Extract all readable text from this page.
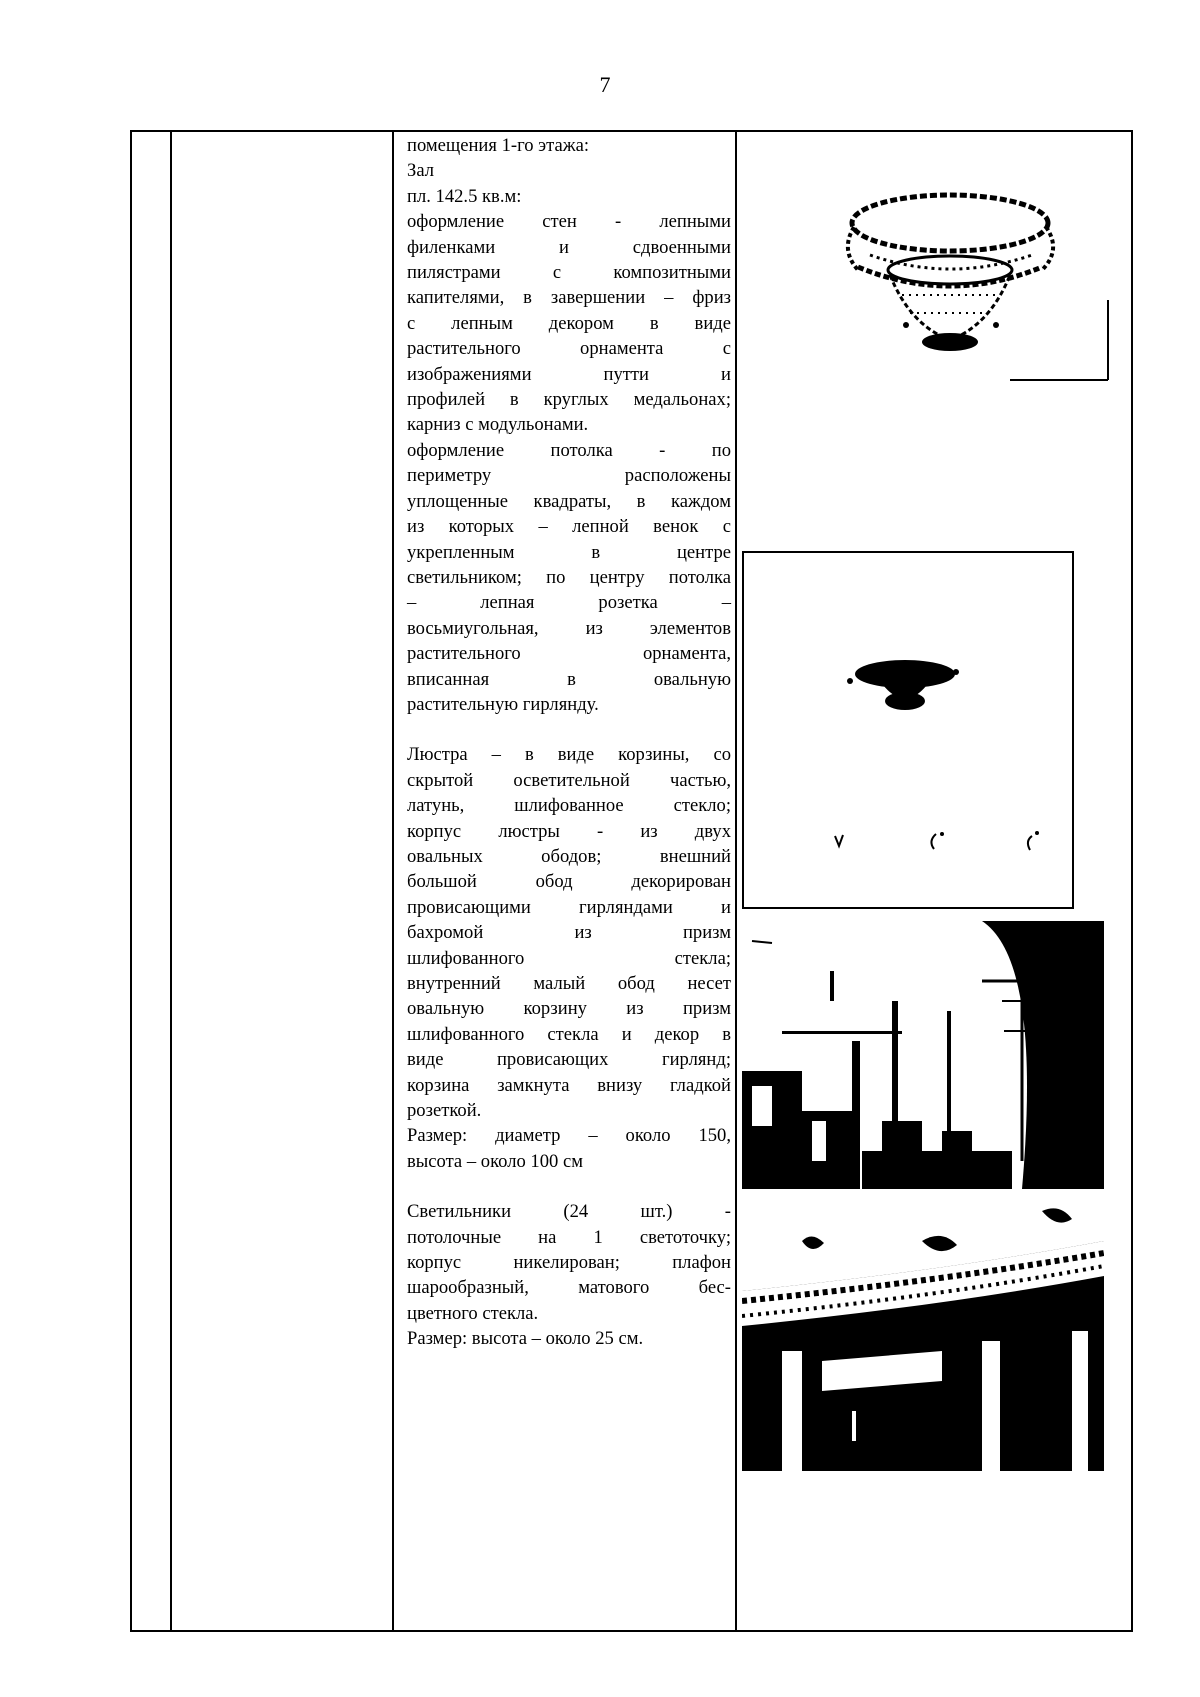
7

помещения 1-го этажа:

Зал

пл. 142.5 кв.м:

оформление стен - лепными

филенками и сдвоенными

пилястрами с композитными

капителями, в завершении – фриз

с лепным декором в виде

растительного орнамента с

изображениями путти и

профилей в круглых медальонах;

карниз с модульонами.

оформление потолка - по

периметру расположены

уплощенные квадраты, в каждом

из которых – лепной венок с

укрепленным в центре

светильником; по центру потолка

– лепная розетка –

восьмиугольная, из элементов

растительного орнамента,

вписанная в овальную

растительную гирлянду.

Люстра – в виде корзины, со

скрытой осветительной частью,

латунь, шлифованное стекло;

корпус люстры - из двух

овальных ободов; внешний

большой обод декорирован

провисающими гирляндами и

бахромой из призм

шлифованного стекла;

внутренний малый обод несет

овальную корзину из призм

шлифованного стекла и декор в

виде провисающих гирлянд;

корзина замкнута внизу гладкой

розеткой.

Размер: диаметр – около 150,

высота – около 100 см

Светильники (24 шт.) -

потолочные на 1 светоточку;

корпус никелирован; плафон

шарообразный, матового бес-

цветного стекла.

Размер: высота – около 25 см.
